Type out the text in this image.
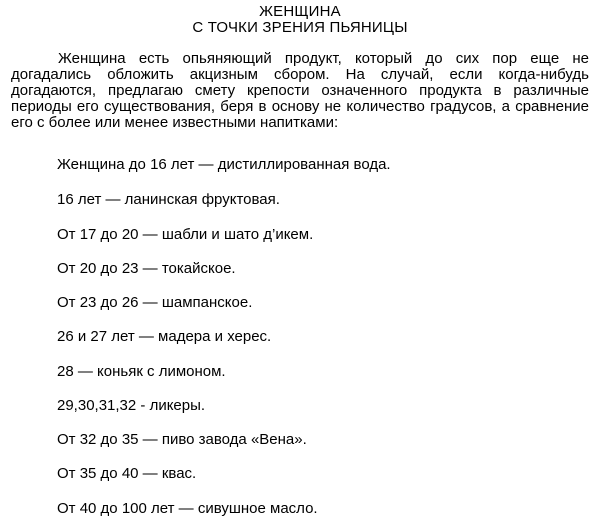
ЖЕНЩИНА
С ТОЧКИ ЗРЕНИЯ ПЬЯНИЦЫ

Женщина есть опьяняющий продукт, который до сих пор еще не догадались обложить акцизным сбором. На случай, если когда-нибудь догадаются, предлагаю смету крепости означенного продукта в различные периоды его существования, беря в основу не количество градусов, а сравнение его с более или менее известными напитками:

Женщина до 16 лет — дистиллированная вода.
16 лет — ланинская фруктовая.
От 17 до 20 — шабли и шато д’икем.
От 20 до 23 — токайское.
От 23 до 26 — шампанское.
26 и 27 лет — мадера и херес.
28 — коньяк с лимоном.
29,30,31,32 - ликеры.
От 32 до 35 — пиво завода «Вена».
От 35 до 40 — квас.
От 40 до 100 лет — сивушное масло.
